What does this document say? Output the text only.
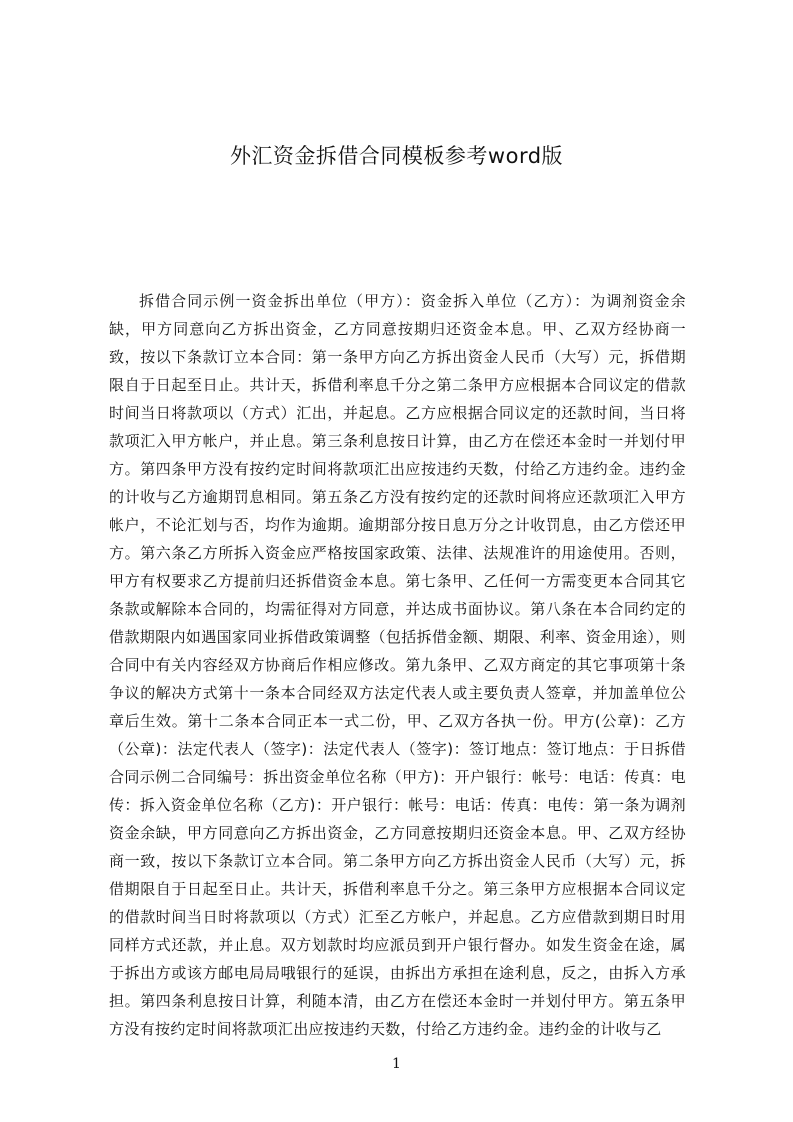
外汇资金拆借合同模板参考word版

拆借合同示例一资金拆出单位（甲方）：资金拆入单位（乙方）：为调剂资金余缺，甲方同意向乙方拆出资金，乙方同意按期归还资金本息。甲、乙双方经协商一致，按以下条款订立本合同：第一条甲方向乙方拆出资金人民币（大写）元，拆借期限自于日起至日止。共计天，拆借利率息千分之第二条甲方应根据本合同议定的借款时间当日将款项以（方式）汇出，并起息。乙方应根据合同议定的还款时间，当日将款项汇入甲方帐户，并止息。第三条利息按日计算，由乙方在偿还本金时一并划付甲方。第四条甲方没有按约定时间将款项汇出应按违约天数，付给乙方违约金。违约金的计收与乙方逾期罚息相同。第五条乙方没有按约定的还款时间将应还款项汇入甲方帐户，不论汇划与否，均作为逾期。逾期部分按日息万分之计收罚息，由乙方偿还甲方。第六条乙方所拆入资金应严格按国家政策、法律、法规准许的用途使用。否则，甲方有权要求乙方提前归还拆借资金本息。第七条甲、乙任何一方需变更本合同其它条款或解除本合同的，均需征得对方同意，并达成书面协议。第八条在本合同约定的借款期限内如遇国家同业拆借政策调整（包括拆借金额、期限、利率、资金用途），则合同中有关内容经双方协商后作相应修改。第九条甲、乙双方商定的其它事项第十条争议的解决方式第十一条本合同经双方法定代表人或主要负责人签章，并加盖单位公章后生效。第十二条本合同正本一式二份，甲、乙双方各执一份。甲方(公章)：乙方（公章)：法定代表人（签字)：法定代表人（签字)：签订地点：签订地点：于日拆借合同示例二合同编号：拆出资金单位名称（甲方)：开户银行：帐号：电话：传真：电传：拆入资金单位名称（乙方)：开户银行：帐号：电话：传真：电传：第一条为调剂资金余缺，甲方同意向乙方拆出资金，乙方同意按期归还资金本息。甲、乙双方经协商一致，按以下条款订立本合同。第二条甲方向乙方拆出资金人民币（大写）元，拆借期限自于日起至日止。共计天，拆借利率息千分之。第三条甲方应根据本合同议定的借款时间当日时将款项以（方式）汇至乙方帐户，并起息。乙方应借款到期日时用同样方式还款，并止息。双方划款时均应派员到开户银行督办。如发生资金在途，属于拆出方或该方邮电局局哦银行的延误，由拆出方承担在途利息，反之，由拆入方承担。第四条利息按日计算，利随本清，由乙方在偿还本金时一并划付甲方。第五条甲方没有按约定时间将款项汇出应按违约天数，付给乙方违约金。违约金的计收与乙

1
